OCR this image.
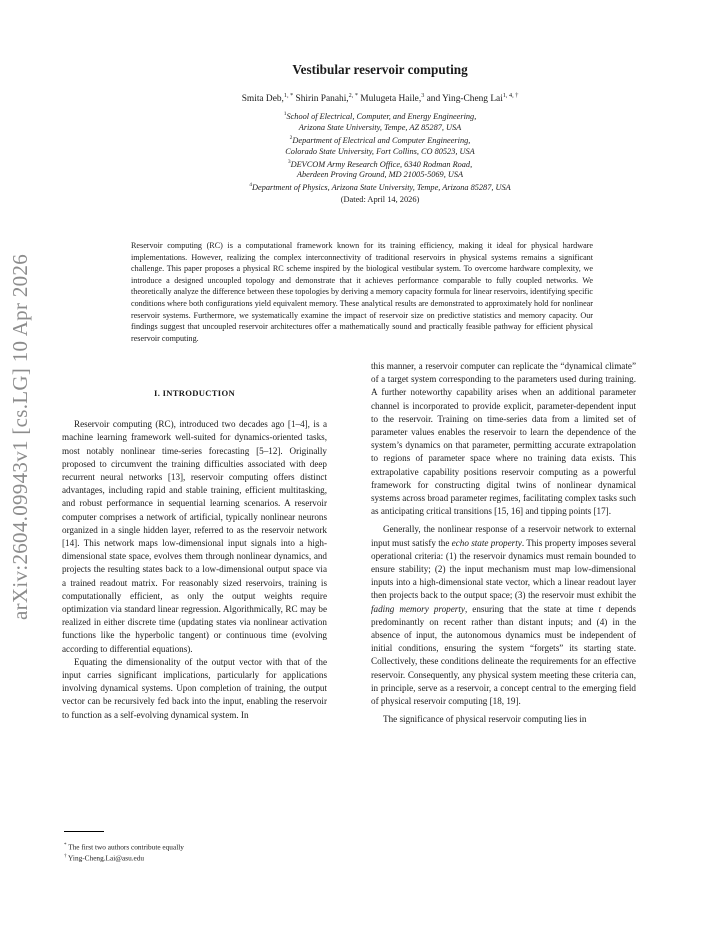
arXiv:2604.09943v1 [cs.LG] 10 Apr 2026
Vestibular reservoir computing
Smita Deb,$^{1, *}$ Shirin Panahi,$^{2, *}$ Mulugeta Haile,$^3$ and Ying-Cheng Lai$^{1, 4, \dagger}$
$^1$School of Electrical, Computer, and Energy Engineering,
Arizona State University, Tempe, AZ 85287, USA
$^2$Department of Electrical and Computer Engineering,
Colorado State University, Fort Collins, CO 80523, USA
$^3$DEVCOM Army Research Office, 6340 Rodman Road,
Aberdeen Proving Ground, MD 21005-5069, USA
$^4$Department of Physics, Arizona State University, Tempe, Arizona 85287, USA
(Dated: April 14, 2026)
Reservoir computing (RC) is a computational framework known for its training efficiency, making it ideal for physical hardware implementations. However, realizing the complex interconnectivity of traditional reservoirs in physical systems remains a significant challenge. This paper proposes a physical RC scheme inspired by the biological vestibular system. To overcome hardware complexity, we introduce a designed uncoupled topology and demonstrate that it achieves performance comparable to fully coupled networks. We theoretically analyze the difference between these topologies by deriving a memory capacity formula for linear reservoirs, identifying specific conditions where both configurations yield equivalent memory. These analytical results are demonstrated to approximately hold for nonlinear reservoir systems. Furthermore, we systematically examine the impact of reservoir size on predictive statistics and memory capacity. Our findings suggest that uncoupled reservoir architectures offer a mathematically sound and practically feasible pathway for efficient physical reservoir computing.
I. INTRODUCTION

Reservoir computing (RC), introduced two decades ago [1–4], is a machine learning framework well-suited for dynamics-oriented tasks, most notably nonlinear time-series forecasting [5–12]. Originally proposed to circumvent the training difficulties associated with deep recurrent neural networks [13], reservoir computing offers distinct advantages, including rapid and stable training, efficient multitasking, and robust performance in sequential learning scenarios. A reservoir computer comprises a network of artificial, typically nonlinear neurons organized in a single hidden layer, referred to as the reservoir network [14]. This network maps low-dimensional input signals into a high-dimensional state space, evolves them through nonlinear dynamics, and projects the resulting states back to a low-dimensional output space via a trained readout matrix. For reasonably sized reservoirs, training is computationally efficient, as only the output weights require optimization via standard linear regression. Algorithmically, RC may be realized in either discrete time (updating states via nonlinear activation functions like the hyperbolic tangent) or continuous time (evolving according to differential equations).

Equating the dimensionality of the output vector with that of the input carries significant implications, particularly for applications involving dynamical systems. Upon completion of training, the output vector can be recursively fed back into the input, enabling the reservoir to function as a self-evolving dynamical system. In

this manner, a reservoir computer can replicate the “dynamical climate” of a target system corresponding to the parameters used during training. A further noteworthy capability arises when an additional parameter channel is incorporated to provide explicit, parameter-dependent input to the reservoir. Training on time-series data from a limited set of parameter values enables the reservoir to learn the dependence of the system’s dynamics on that parameter, permitting accurate extrapolation to regions of parameter space where no training data exists. This extrapolative capability positions reservoir computing as a powerful framework for constructing digital twins of nonlinear dynamical systems across broad parameter regimes, facilitating complex tasks such as anticipating critical transitions [15, 16] and tipping points [17].

Generally, the nonlinear response of a reservoir network to external input must satisfy the echo state property. This property imposes several operational criteria: (1) the reservoir dynamics must remain bounded to ensure stability; (2) the input mechanism must map low-dimensional inputs into a high-dimensional state vector, which a linear readout layer then projects back to the output space; (3) the reservoir must exhibit the fading memory property, ensuring that the state at time t depends predominantly on recent rather than distant inputs; and (4) in the absence of input, the autonomous dynamics must be independent of initial conditions, ensuring the system “forgets” its starting state. Collectively, these conditions delineate the requirements for an effective reservoir. Consequently, any physical system meeting these criteria can, in principle, serve as a reservoir, a concept central to the emerging field of physical reservoir computing [18, 19].

The significance of physical reservoir computing lies in

* The first two authors contribute equally
† Ying-Cheng.Lai@asu.edu
